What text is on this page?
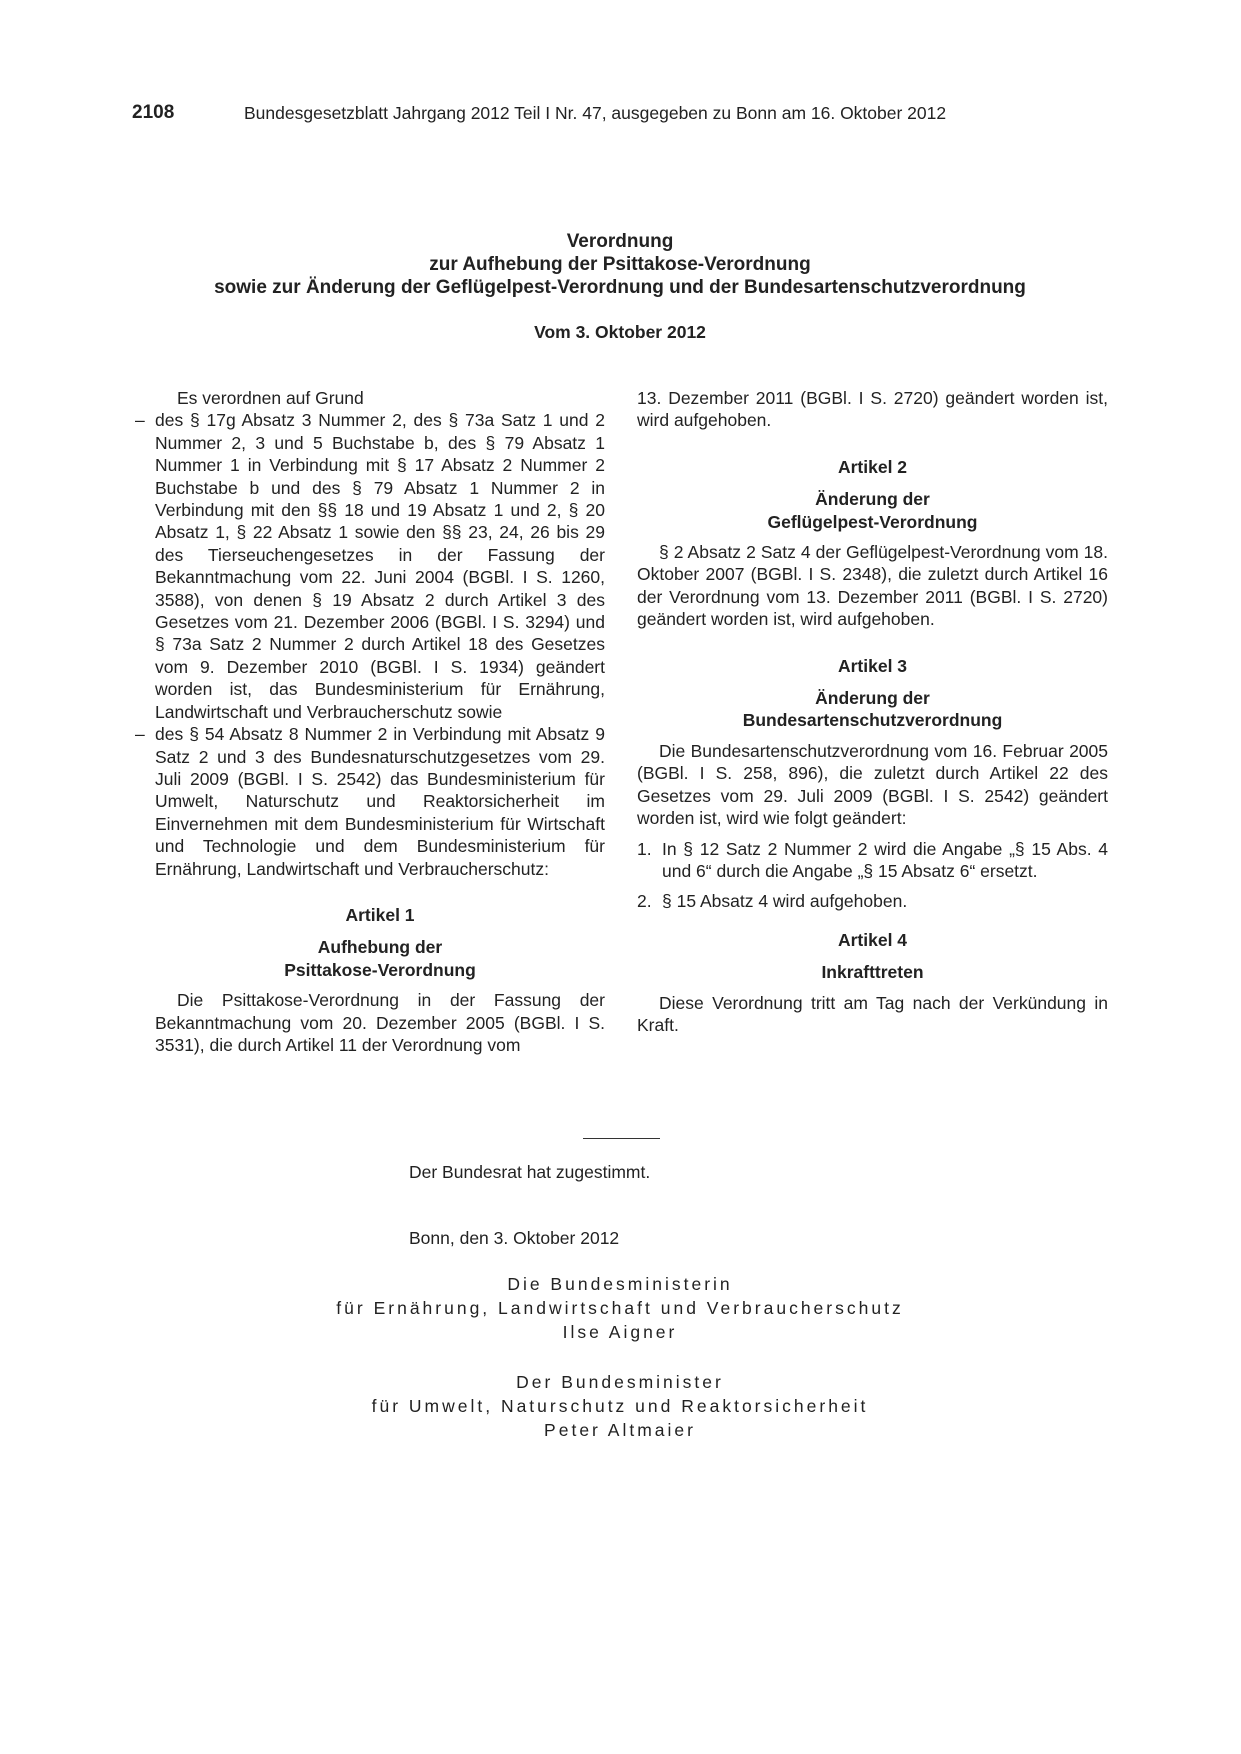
2108	Bundesgesetzblatt Jahrgang 2012 Teil I Nr. 47, ausgegeben zu Bonn am 16. Oktober 2012
Verordnung
zur Aufhebung der Psittakose-Verordnung
sowie zur Änderung der Geflügelpest-Verordnung und der Bundesartenschutzverordnung
Vom 3. Oktober 2012

Es verordnen auf Grund

– des § 17g Absatz 3 Nummer 2, des § 73a Satz 1 und 2 Nummer 2, 3 und 5 Buchstabe b, des § 79 Absatz 1 Nummer 1 in Verbindung mit § 17 Absatz 2 Nummer 2 Buchstabe b und des § 79 Absatz 1 Nummer 2 in Verbindung mit den §§ 18 und 19 Absatz 1 und 2, § 20 Absatz 1, § 22 Absatz 1 sowie den §§ 23, 24, 26 bis 29 des Tierseuchengesetzes in der Fassung der Bekanntmachung vom 22. Juni 2004 (BGBl. I S. 1260, 3588), von denen § 19 Absatz 2 durch Artikel 3 des Gesetzes vom 21. Dezember 2006 (BGBl. I S. 3294) und § 73a Satz 2 Nummer 2 durch Artikel 18 des Gesetzes vom 9. Dezember 2010 (BGBl. I S. 1934) geändert worden ist, das Bundesministerium für Ernährung, Landwirtschaft und Verbraucherschutz sowie
– des § 54 Absatz 8 Nummer 2 in Verbindung mit Absatz 9 Satz 2 und 3 des Bundesnaturschutzgesetzes vom 29. Juli 2009 (BGBl. I S. 2542) das Bundesministerium für Umwelt, Naturschutz und Reaktorsicherheit im Einvernehmen mit dem Bundesministerium für Wirtschaft und Technologie und dem Bundesministerium für Ernährung, Landwirtschaft und Verbraucherschutz:
Artikel 1
Aufhebung der
Psittakose-Verordnung

Die Psittakose-Verordnung in der Fassung der Bekanntmachung vom 20. Dezember 2005 (BGBl. I S. 3531), die durch Artikel 11 der Verordnung vom

13. Dezember 2011 (BGBl. I S. 2720) geändert worden ist, wird aufgehoben.

Artikel 2
Änderung der
Geflügelpest-Verordnung

§ 2 Absatz 2 Satz 4 der Geflügelpest-Verordnung vom 18. Oktober 2007 (BGBl. I S. 2348), die zuletzt durch Artikel 16 der Verordnung vom 13. Dezember 2011 (BGBl. I S. 2720) geändert worden ist, wird aufgehoben.

Artikel 3
Änderung der
Bundesartenschutzverordnung

Die Bundesartenschutzverordnung vom 16. Februar 2005 (BGBl. I S. 258, 896), die zuletzt durch Artikel 22 des Gesetzes vom 29. Juli 2009 (BGBl. I S. 2542) geändert worden ist, wird wie folgt geändert:

1. In § 12 Satz 2 Nummer 2 wird die Angabe „§ 15 Abs. 4 und 6“ durch die Angabe „§ 15 Absatz 6“ ersetzt.
2. § 15 Absatz 4 wird aufgehoben.
Artikel 4
Inkrafttreten

Diese Verordnung tritt am Tag nach der Verkündung in Kraft.

Der Bundesrat hat zugestimmt.
Bonn, den 3. Oktober 2012
Die Bundesministerin
für Ernährung, Landwirtschaft und Verbraucherschutz
Ilse Aigner
Der Bundesminister
für Umwelt, Naturschutz und Reaktorsicherheit
Peter Altmaier
